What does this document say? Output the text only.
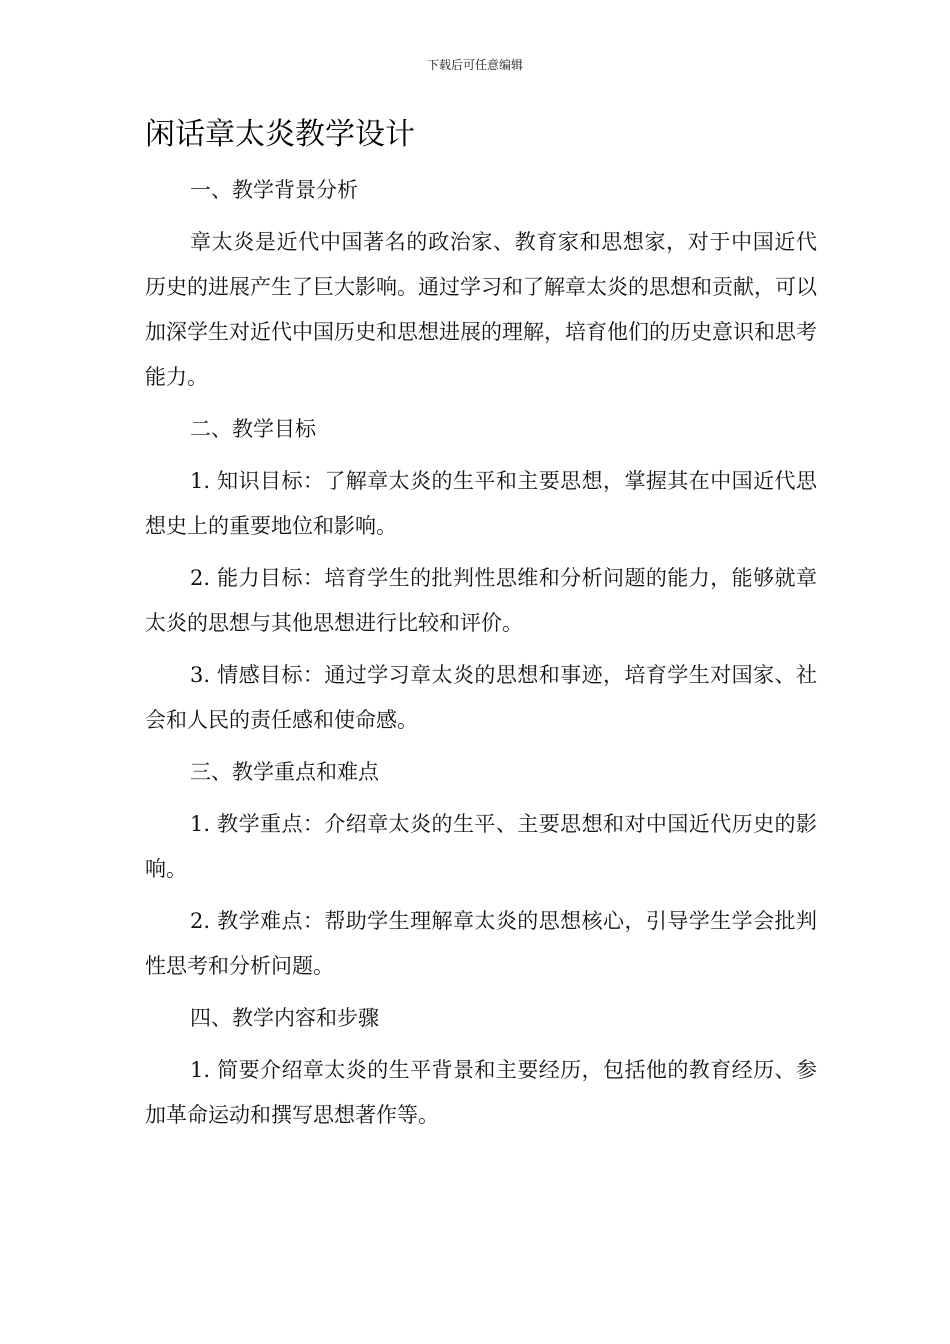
下载后可任意编辑
闲话章太炎教学设计

一、教学背景分析

章太炎是近代中国著名的政治家、教育家和思想家，对于中国近代历史的进展产生了巨大影响。通过学习和了解章太炎的思想和贡献，可以加深学生对近代中国历史和思想进展的理解，培育他们的历史意识和思考能力。

二、教学目标

1. 知识目标：了解章太炎的生平和主要思想，掌握其在中国近代思想史上的重要地位和影响。

2. 能力目标：培育学生的批判性思维和分析问题的能力，能够就章太炎的思想与其他思想进行比较和评价。

3. 情感目标：通过学习章太炎的思想和事迹，培育学生对国家、社会和人民的责任感和使命感。

三、教学重点和难点

1. 教学重点：介绍章太炎的生平、主要思想和对中国近代历史的影响。

2. 教学难点：帮助学生理解章太炎的思想核心，引导学生学会批判性思考和分析问题。

四、教学内容和步骤

1. 简要介绍章太炎的生平背景和主要经历，包括他的教育经历、参加革命运动和撰写思想著作等。
